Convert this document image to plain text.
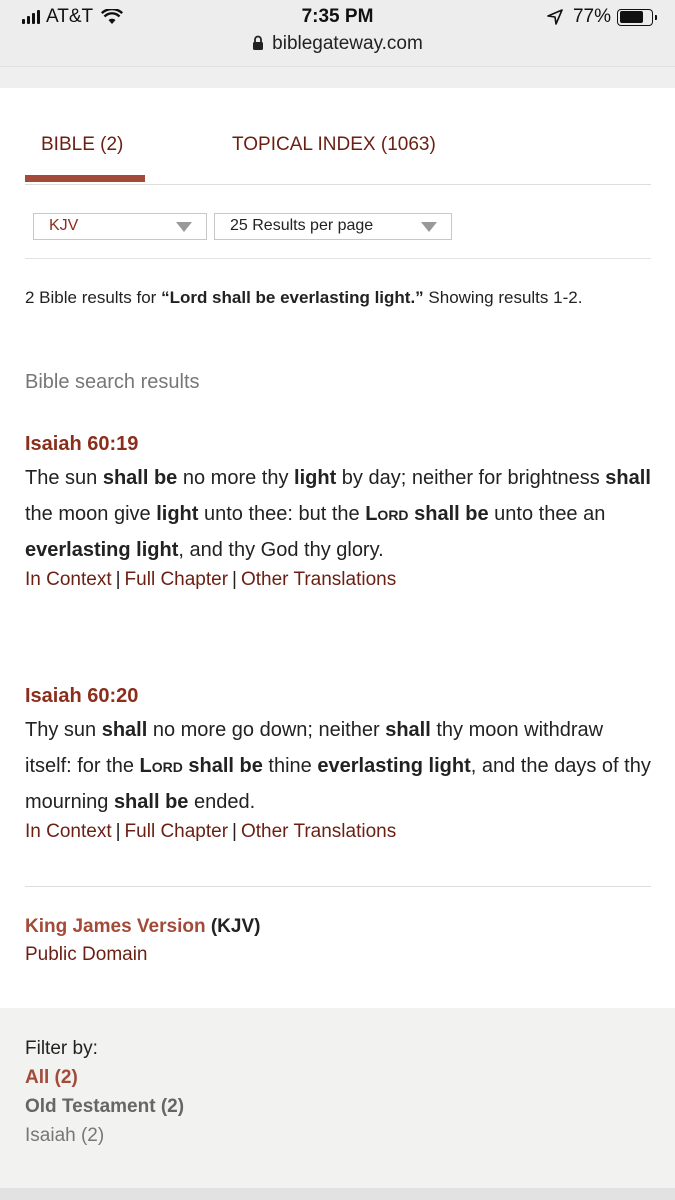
AT&T	7:35 PM
biblegateway.com
77%
BIBLE (2)	TOPICAL INDEX (1063)
KJV	25 Results per page
2 Bible results for “Lord shall be everlasting light.” Showing results 1-2.
Bible search results
Isaiah 60:19
The sun shall be no more thy light by day; neither for brightness shall the moon give light unto thee: but the Lord shall be unto thee an everlasting light, and thy God thy glory.
In Context | Full Chapter | Other Translations
Isaiah 60:20
Thy sun shall no more go down; neither shall thy moon withdraw itself: for the Lord shall be thine everlasting light, and the days of thy mourning shall be ended.
In Context | Full Chapter | Other Translations
King James Version (KJV)
Public Domain
Filter by:
All (2)
Old Testament (2)
Isaiah (2)
